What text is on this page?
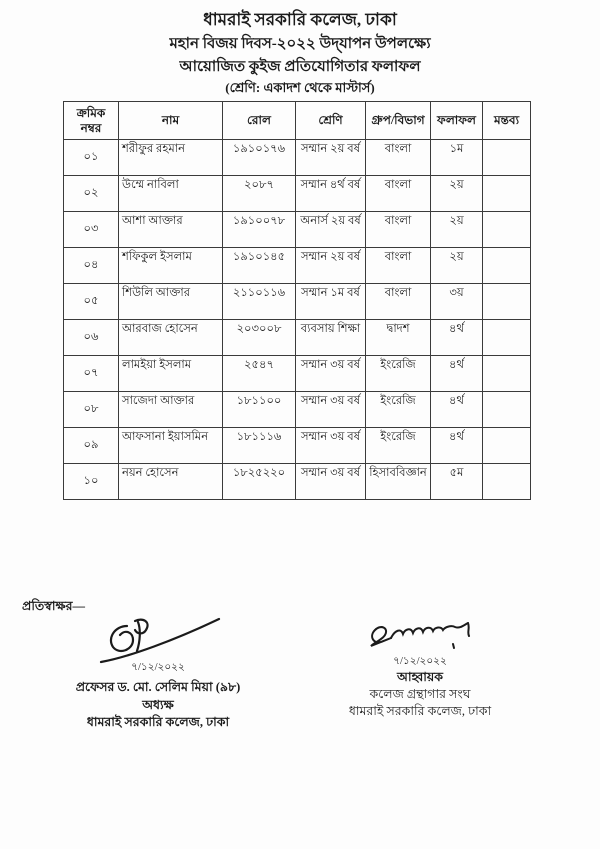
ধামরাই সরকারি কলেজ, ঢাকা
মহান বিজয় দিবস-২০২২ উদ্‌যাপন উপলক্ষ্যে
আয়োজিত কুইজ প্রতিযোগিতার ফলাফল
(শ্রেণি: একাদশ থেকে মাস্টার্স)
ক্রমিক নম্বর	নাম	রোল	শ্রেণি	গ্রুপ/বিভাগ	ফলাফল	মন্তব্য
০১	শরীফুর রহমান	১৯১০১৭৬	সম্মান ২য় বর্ষ	বাংলা	১ম	
০২	উম্মে নাবিলা	২০৮৭	সম্মান ৪র্থ বর্ষ	বাংলা	২য়	
০৩	আশা আক্তার	১৯১০০৭৮	অনার্স ২য় বর্ষ	বাংলা	২য়	
০৪	শফিকুল ইসলাম	১৯১০১৪৫	সম্মান ২য় বর্ষ	বাংলা	২য়	
০৫	শিউলি আক্তার	২১১০১১৬	সম্মান ১ম বর্ষ	বাংলা	৩য়	
০৬	আরবাজ হোসেন	২০৩০০৮	ব্যবসায় শিক্ষা	দ্বাদশ	৪র্থ	
০৭	লামইয়া ইসলাম	২৫৪৭	সম্মান ৩য় বর্ষ	ইংরেজি	৪র্থ	
০৮	সাজেদা আক্তার	১৮১১০০	সম্মান ৩য় বর্ষ	ইংরেজি	৪র্থ	
০৯	আফসানা ইয়াসমিন	১৮১১১৬	সম্মান ৩য় বর্ষ	ইংরেজি	৪র্থ	
১০	নয়ন হোসেন	১৮২৫২২০	সম্মান ৩য় বর্ষ	হিসাববিজ্ঞান	৫ম	
প্রতিস্বাক্ষর—
৭/১২/২০২২
প্রফেসর ড. মো. সেলিম মিয়া (৯৮)
অধ্যক্ষ
ধামরাই সরকারি কলেজ, ঢাকা
৭/১২/২০২২
আহ্বায়ক
কলেজ গ্রন্থাগার সংঘ
ধামরাই সরকারি কলেজ, ঢাকা
